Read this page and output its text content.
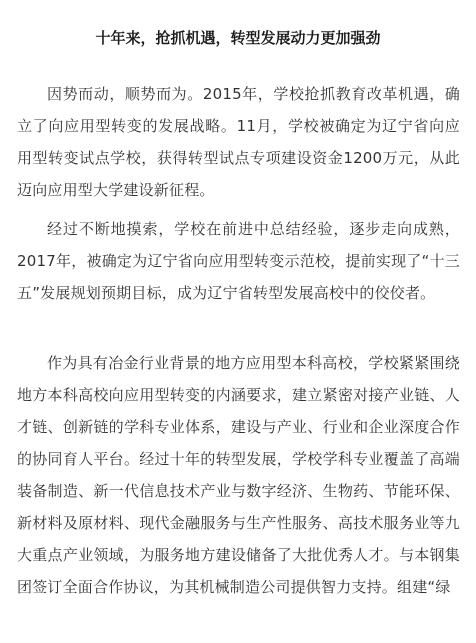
十年来，抢抓机遇，转型发展动力更加强劲

因势而动，顺势而为。2015年，学校抢抓教育改革机遇，确立了向应用型转变的发展战略。11月，学校被确定为辽宁省向应用型转变试点学校，获得转型试点专项建设资金1200万元，从此迈向应用型大学建设新征程。

经过不断地摸索，学校在前进中总结经验，逐步走向成熟，2017年，被确定为辽宁省向应用型转变示范校，提前实现了“十三五”发展规划预期目标，成为辽宁省转型发展高校中的佼佼者。

作为具有冶金行业背景的地方应用型本科高校，学校紧紧围绕地方本科高校向应用型转变的内涵要求，建立紧密对接产业链、人才链、创新链的学科专业体系，建设与产业、行业和企业深度合作的协同育人平台。经过十年的转型发展，学校学科专业覆盖了高端装备制造、新一代信息技术产业与数字经济、生物药、节能环保、新材料及原材料、现代金融服务与生产性服务、高技术服务业等九大重点产业领域，为服务地方建设储备了大批优秀人才。与本钢集团签订全面合作协议，为其机械制造公司提供智力支持。组建“绿
